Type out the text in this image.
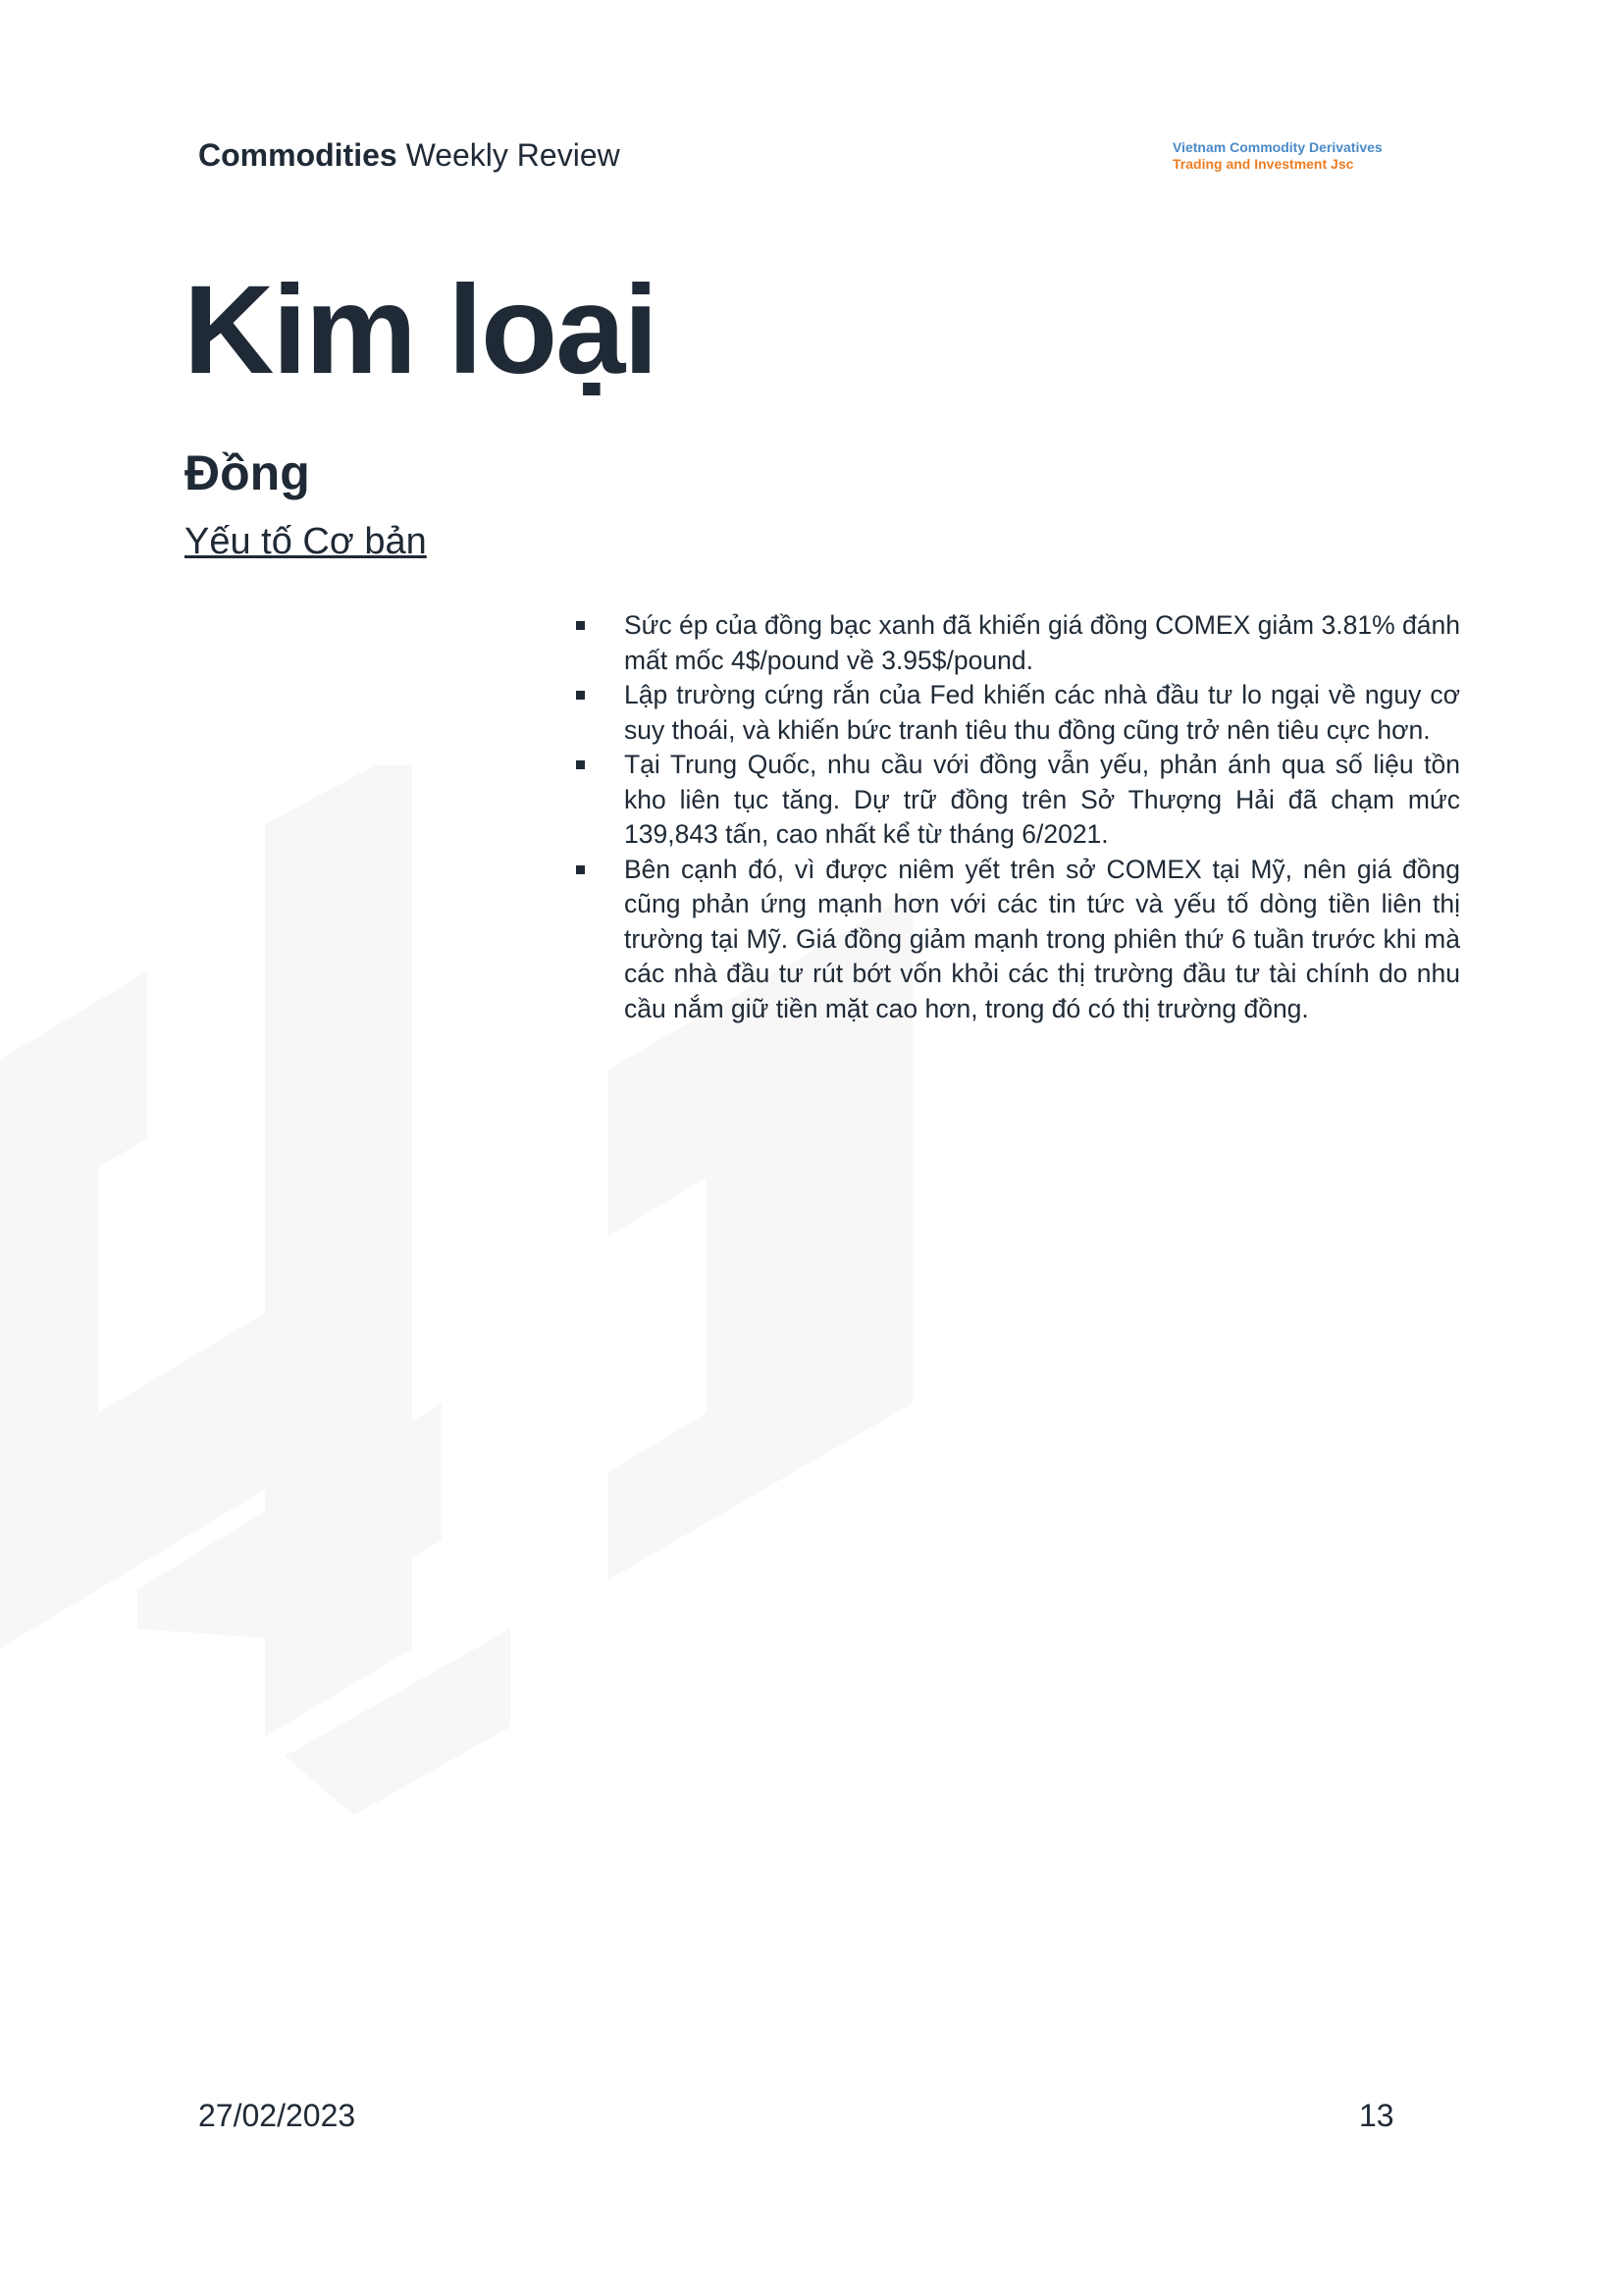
Commodities Weekly Review	Vietnam Commodity Derivatives
Trading and Investment Jsc
Kim loại
Đồng
Yếu tố Cơ bản
Sức ép của đồng bạc xanh đã khiến giá đồng COMEX giảm 3.81% đánh mất mốc 4$/pound về 3.95$/pound.
Lập trường cứng rắn của Fed khiến các nhà đầu tư lo ngại về nguy cơ suy thoái, và khiến bức tranh tiêu thu đồng cũng trở nên tiêu cực hơn.
Tại Trung Quốc, nhu cầu với đồng vẫn yếu, phản ánh qua số liệu tồn kho liên tục tăng. Dự trữ đồng trên Sở Thượng Hải đã chạm mức 139,843 tấn, cao nhất kể từ tháng 6/2021.
Bên cạnh đó, vì được niêm yết trên sở COMEX tại Mỹ, nên giá đồng cũng phản ứng mạnh hơn với các tin tức và yếu tố dòng tiền liên thị trường tại Mỹ. Giá đồng giảm mạnh trong phiên thứ 6 tuần trước khi mà các nhà đầu tư rút bớt vốn khỏi các thị trường đầu tư tài chính do nhu cầu nắm giữ tiền mặt cao hơn, trong đó có thị trường đồng.
27/02/2023	13
